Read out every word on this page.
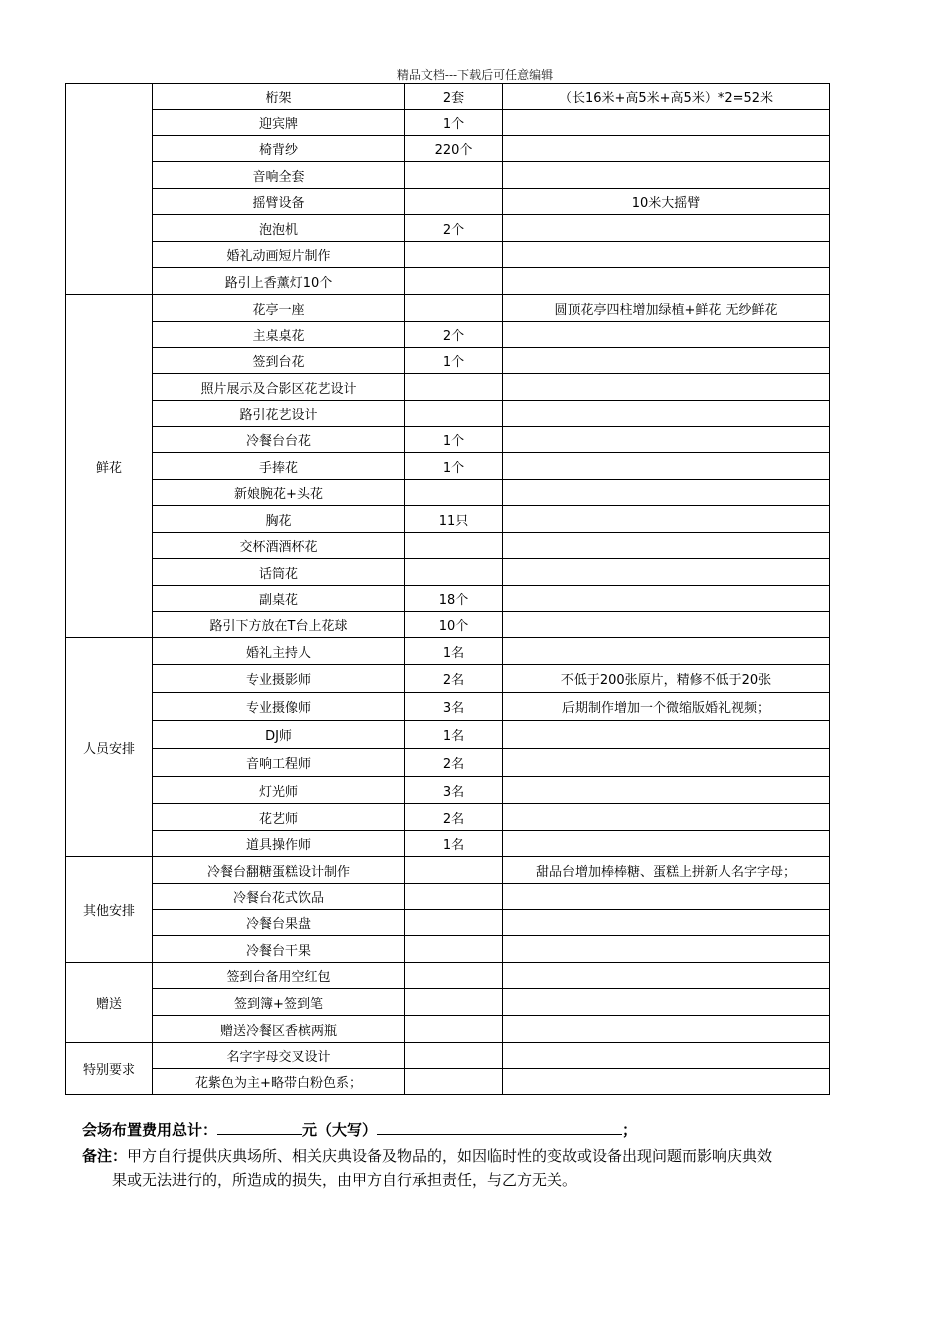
精品文档---下载后可任意编辑
	桁架	2套	（长16米+高5米+高5米）*2=52米
	迎宾牌	1个	
	椅背纱	220个	
	音响全套		
	摇臂设备		10米大摇臂
	泡泡机	2个	
	婚礼动画短片制作		
	路引上香薰灯10个		
鲜花	花亭一座		圆顶花亭四柱增加绿植+鲜花 无纱鲜花
	主桌桌花	2个	
	签到台花	1个	
	照片展示及合影区花艺设计		
	路引花艺设计		
	冷餐台台花	1个	
	手捧花	1个	
	新娘腕花+头花		
	胸花	11只	
	交杯酒酒杯花		
	话筒花		
	副桌花	18个	
	路引下方放在T台上花球	10个	
人员安排	婚礼主持人	1名	
	专业摄影师	2名	不低于200张原片，精修不低于20张
	专业摄像师	3名	后期制作增加一个微缩版婚礼视频；
	DJ师	1名	
	音响工程师	2名	
	灯光师	3名	
	花艺师	2名	
	道具操作师	1名	
其他安排	冷餐台翻糖蛋糕设计制作		甜品台增加棒棒糖、蛋糕上拼新人名字字母；
	冷餐台花式饮品		
	冷餐台果盘		
	冷餐台干果		
赠送	签到台备用空红包		
	签到簿+签到笔		
	赠送冷餐区香槟两瓶		
特别要求	名字字母交叉设计		
	花紫色为主+略带白粉色系；		
会场布置费用总计：	元（大写）	；
备注：甲方自行提供庆典场所、相关庆典设备及物品的，如因临时性的变故或设备出现问题而影响庆典效
果或无法进行的，所造成的损失，由甲方自行承担责任，与乙方无关。
